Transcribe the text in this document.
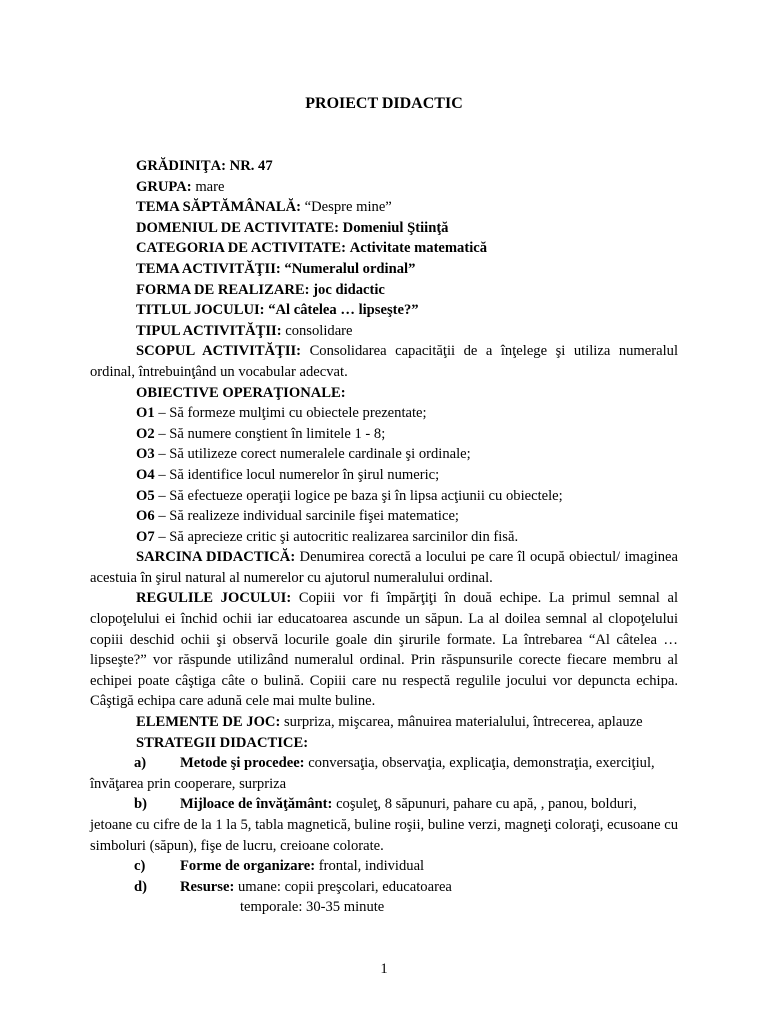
PROIECT DIDACTIC

GRĂDINIŢA: NR. 47

GRUPA: mare

TEMA SĂPTĂMÂNALĂ: “Despre mine”

DOMENIUL DE ACTIVITATE: Domeniul Ştiinţă

CATEGORIA DE ACTIVITATE: Activitate matematică

TEMA ACTIVITĂŢII: “Numeralul ordinal”

FORMA DE REALIZARE: joc didactic

TITLUL JOCULUI: “Al câtelea … lipseşte?”

TIPUL ACTIVITĂŢII: consolidare

SCOPUL ACTIVITĂŢII: Consolidarea capacităţii de a înţelege şi utiliza numeralul ordinal, întrebuinţând un vocabular adecvat.

OBIECTIVE OPERAŢIONALE:

O1 – Să formeze mulţimi cu obiectele prezentate;

O2 – Să numere conştient în limitele 1 - 8;

O3 – Să utilizeze corect numeralele cardinale şi ordinale;

O4 – Să identifice locul numerelor în şirul numeric;

O5 – Să efectueze operaţii logice pe baza şi în lipsa acţiunii cu obiectele;

O6 – Să realizeze individual sarcinile fişei matematice;

O7 – Să aprecieze critic şi autocritic realizarea sarcinilor din fisă.

SARCINA DIDACTICĂ: Denumirea corectă a locului pe care îl ocupă obiectul/ imaginea acestuia în şirul natural al numerelor cu ajutorul numeralului ordinal.

REGULILE JOCULUI: Copiii vor fi împărţiţi în două echipe. La primul semnal al clopoţelului ei închid ochii iar educatoarea ascunde un săpun. La al doilea semnal al clopoţelului copiii deschid ochii şi observă locurile goale din şirurile formate. La întrebarea “Al câtelea … lipseşte?” vor răspunde utilizând numeralul ordinal. Prin răspunsurile corecte fiecare membru al echipei poate câştiga câte o bulină. Copiii care nu respectă regulile jocului vor depuncta echipa. Câştigă echipa care adună cele mai multe buline.

ELEMENTE DE JOC: surpriza, mişcarea, mânuirea materialului, întrecerea, aplauze

STRATEGII DIDACTICE:

a)	Metode şi procedee: conversaţia, observaţia, explicaţia, demonstraţia, exerciţiul,

învăţarea prin cooperare, surpriza

b)	Mijloace de învăţământ: coşuleţ, 8 săpunuri, pahare cu apă, , panou, bolduri,

jetoane cu cifre de la 1 la 5, tabla magnetică, buline roşii, buline verzi, magneţi coloraţi, ecusoane cu simboluri (săpun), fişe de lucru, creioane colorate.

c)	Forme de organizare: frontal, individual
d)	Resurse: umane: copii preşcolari, educatoarea

temporale: 30-35 minute

1
